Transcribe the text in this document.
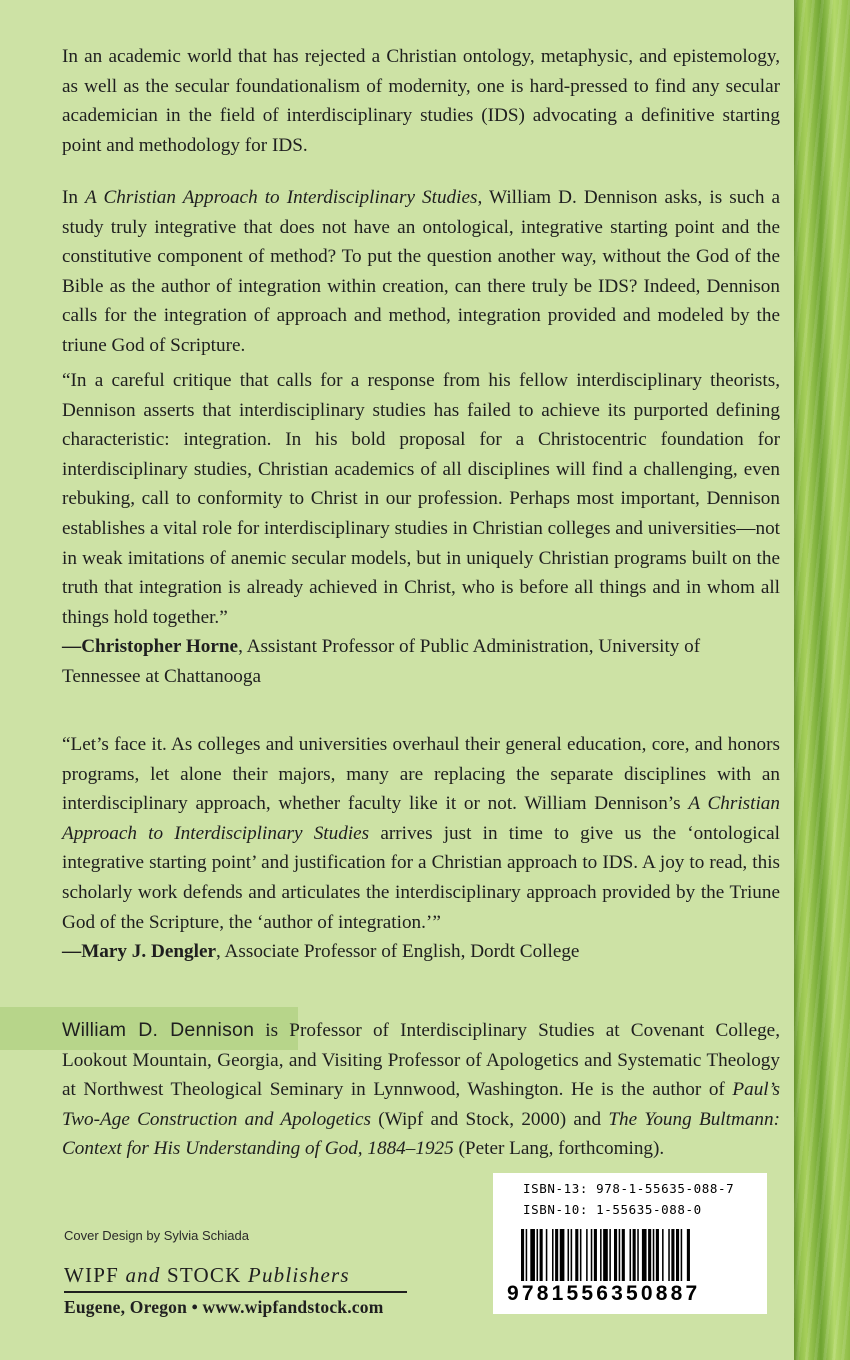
In an academic world that has rejected a Christian ontology, metaphysic, and epistemology, as well as the secular foundationalism of modernity, one is hard-pressed to find any secular academician in the field of interdisciplinary studies (IDS) advocating a definitive starting point and methodology for IDS.

In A Christian Approach to Interdisciplinary Studies, William D. Dennison asks, is such a study truly integrative that does not have an ontological, integrative starting point and the constitutive component of method? To put the question another way, without the God of the Bible as the author of integration within creation, can there truly be IDS? Indeed, Dennison calls for the integration of approach and method, integration provided and modeled by the triune God of Scripture.

“In a careful critique that calls for a response from his fellow interdisciplinary theorists, Dennison asserts that interdisciplinary studies has failed to achieve its purported defining characteristic: integration. In his bold proposal for a Christocentric foundation for interdisciplinary studies, Christian academics of all disciplines will find a challenging, even rebuking, call to conformity to Christ in our profession. Perhaps most important, Dennison establishes a vital role for interdisciplinary studies in Christian colleges and universities—not in weak imitations of anemic secular models, but in uniquely Christian programs built on the truth that integration is already achieved in Christ, who is before all things and in whom all things hold together.”

—Christopher Horne, Assistant Professor of Public Administration, University of Tennessee at Chattanooga

“Let’s face it. As colleges and universities overhaul their general education, core, and honors programs, let alone their majors, many are replacing the separate disciplines with an interdisciplinary approach, whether faculty like it or not. William Dennison’s A Christian Approach to Interdisciplinary Studies arrives just in time to give us the ‘ontological integrative starting point’ and justification for a Christian approach to IDS. A joy to read, this scholarly work defends and articulates the interdisciplinary approach provided by the Triune God of the Scripture, the ‘author of integration.’”

—Mary J. Dengler, Associate Professor of English, Dordt College

William D. Dennison is Professor of Interdisciplinary Studies at Covenant College, Lookout Mountain, Georgia, and Visiting Professor of Apologetics and Systematic Theology at Northwest Theological Seminary in Lynnwood, Washington. He is the author of Paul’s Two-Age Construction and Apologetics (Wipf and Stock, 2000) and The Young Bultmann: Context for His Understanding of God, 1884–1925 (Peter Lang, forthcoming).

Cover Design by Sylvia Schiada
WIPF and STOCK Publishers
Eugene, Oregon • www.wipfandstock.com
ISBN-13: 978-1-55635-088-7
ISBN-10: 1-55635-088-0
9781556350887
